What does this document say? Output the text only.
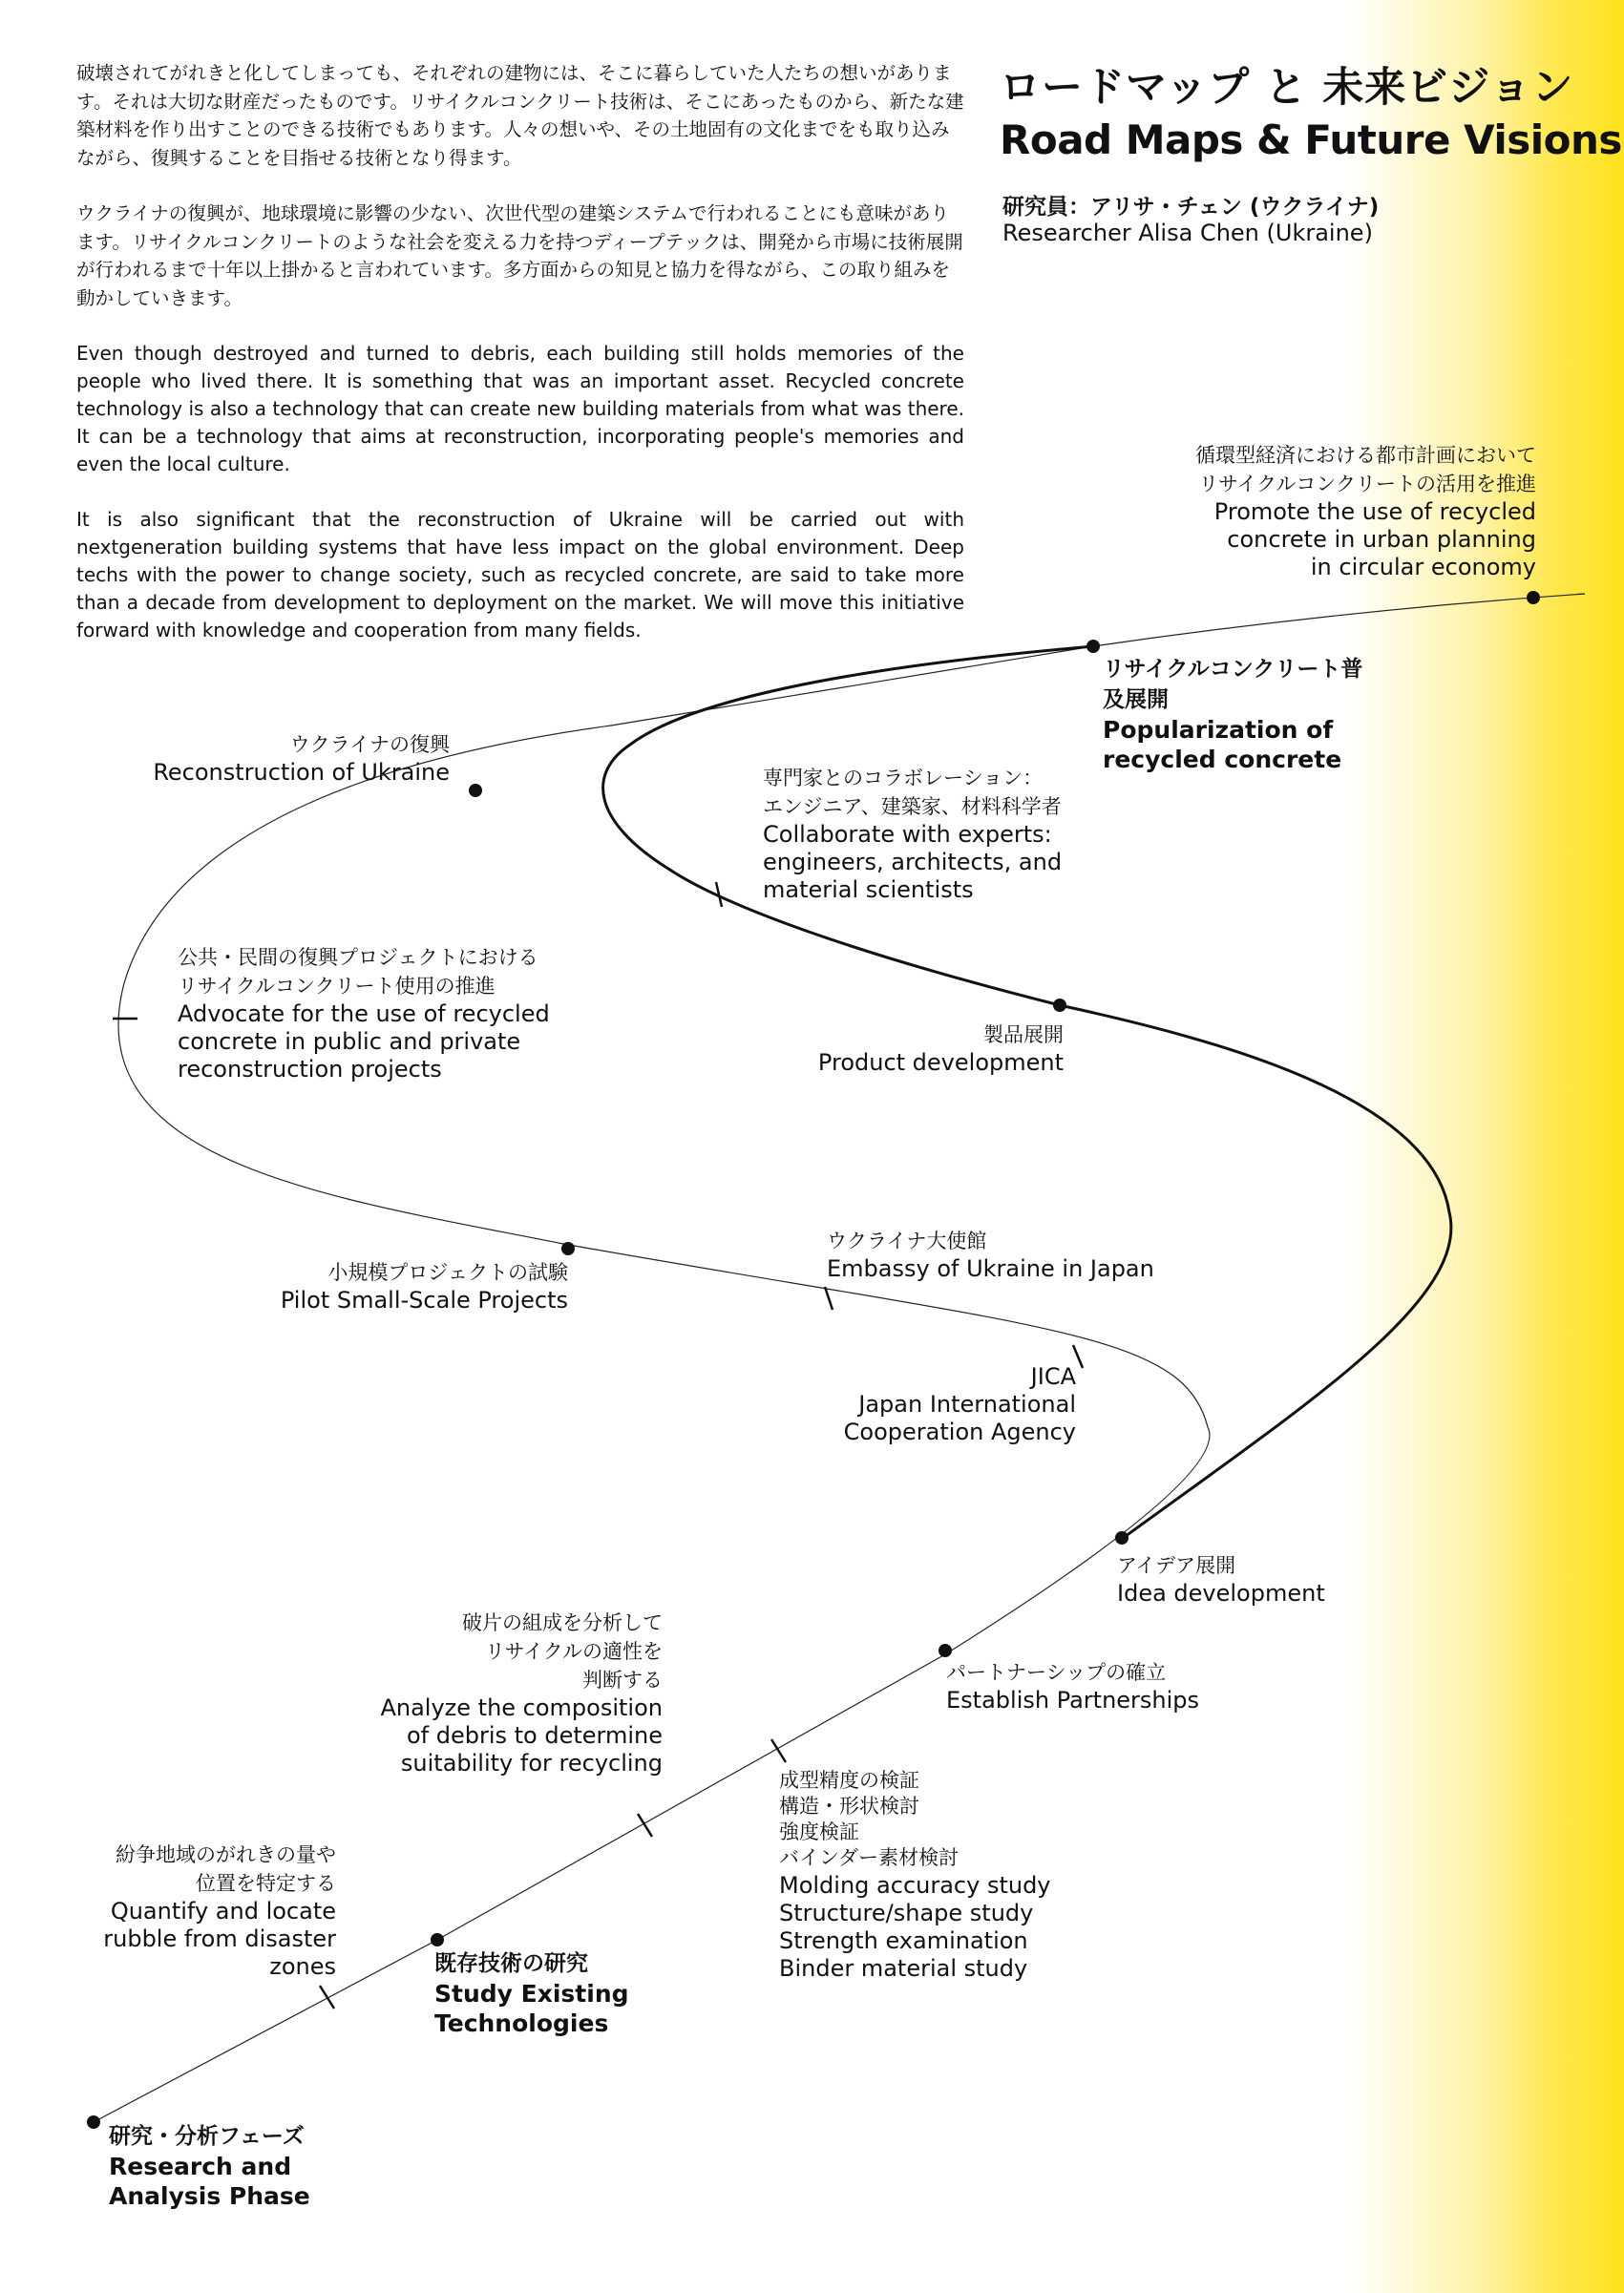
破壊されてがれきと化してしまっても、それぞれの建物には、そこに暮らしていた人たちの想いがあります。それは大切な財産だったものです。リサイクルコンクリート技術は、そこにあったものから、新たな建築材料を作り出すことのできる技術でもあります。人々の想いや、その土地固有の文化までをも取り込みながら、復興することを目指せる技術となり得ます。

ウクライナの復興が、地球環境に影響の少ない、次世代型の建築システムで行われることにも意味があります。リサイクルコンクリートのような社会を変える力を持つディープテックは、開発から市場に技術展開が行われるまで十年以上掛かると言われています。多方面からの知見と協力を得ながら、この取り組みを動かしていきます。

Even though destroyed and turned to debris, each building still holds memories of the people who lived there. It is something that was an important asset. Recycled concrete technology is also a technology that can create new building materials from what was there. It can be a technology that aims at reconstruction, incorporating people's memories and even the local culture.

It is also significant that the reconstruction of Ukraine will be carried out with nextgeneration building systems that have less impact on the global environment. Deep techs with the power to change society, such as recycled concrete, are said to take more than a decade from development to deployment on the market. We will move this initiative forward with knowledge and cooperation from many fields.

ロードマップ と 未来ビジョン
Road Maps & Future Visions
研究員：アリサ・チェン (ウクライナ)
Researcher Alisa Chen (Ukraine)
研究・分析フェーズ
Research and
Analysis Phase
紛争地域のがれきの量や
位置を特定する
Quantify and locate
rubble from disaster
zones	既存技術の研究
Study Existing
Technologies
破片の組成を分析して
リサイクルの適性を
判断する
Analyze the composition
of debris to determine
suitability for recycling
成型精度の検証
構造・形状検討
強度検証
バインダー素材検討
Molding accuracy study
Structure/shape study
Strength examination
Binder material study
パートナーシップの確立
Establish Partnerships
アイデア展開
Idea development
JICA
Japan International
Cooperation Agency
ウクライナ大使館
Embassy of Ukraine in Japan
小規模プロジェクトの試験
Pilot Small-Scale Projects
公共・民間の復興プロジェクトにおける
リサイクルコンクリート使用の推進
Advocate for the use of recycled
concrete in public and private
reconstruction projects
製品展開
Product development
専門家とのコラボレーション：
エンジニア、建築家、材料科学者
Collaborate with experts:
engineers, architects, and
material scientists
ウクライナの復興
Reconstruction of Ukraine
リサイクルコンクリート普
及展開
Popularization of
recycled concrete
循環型経済における都市計画において
リサイクルコンクリートの活用を推進
Promote the use of recycled
concrete in urban planning
in circular economy
